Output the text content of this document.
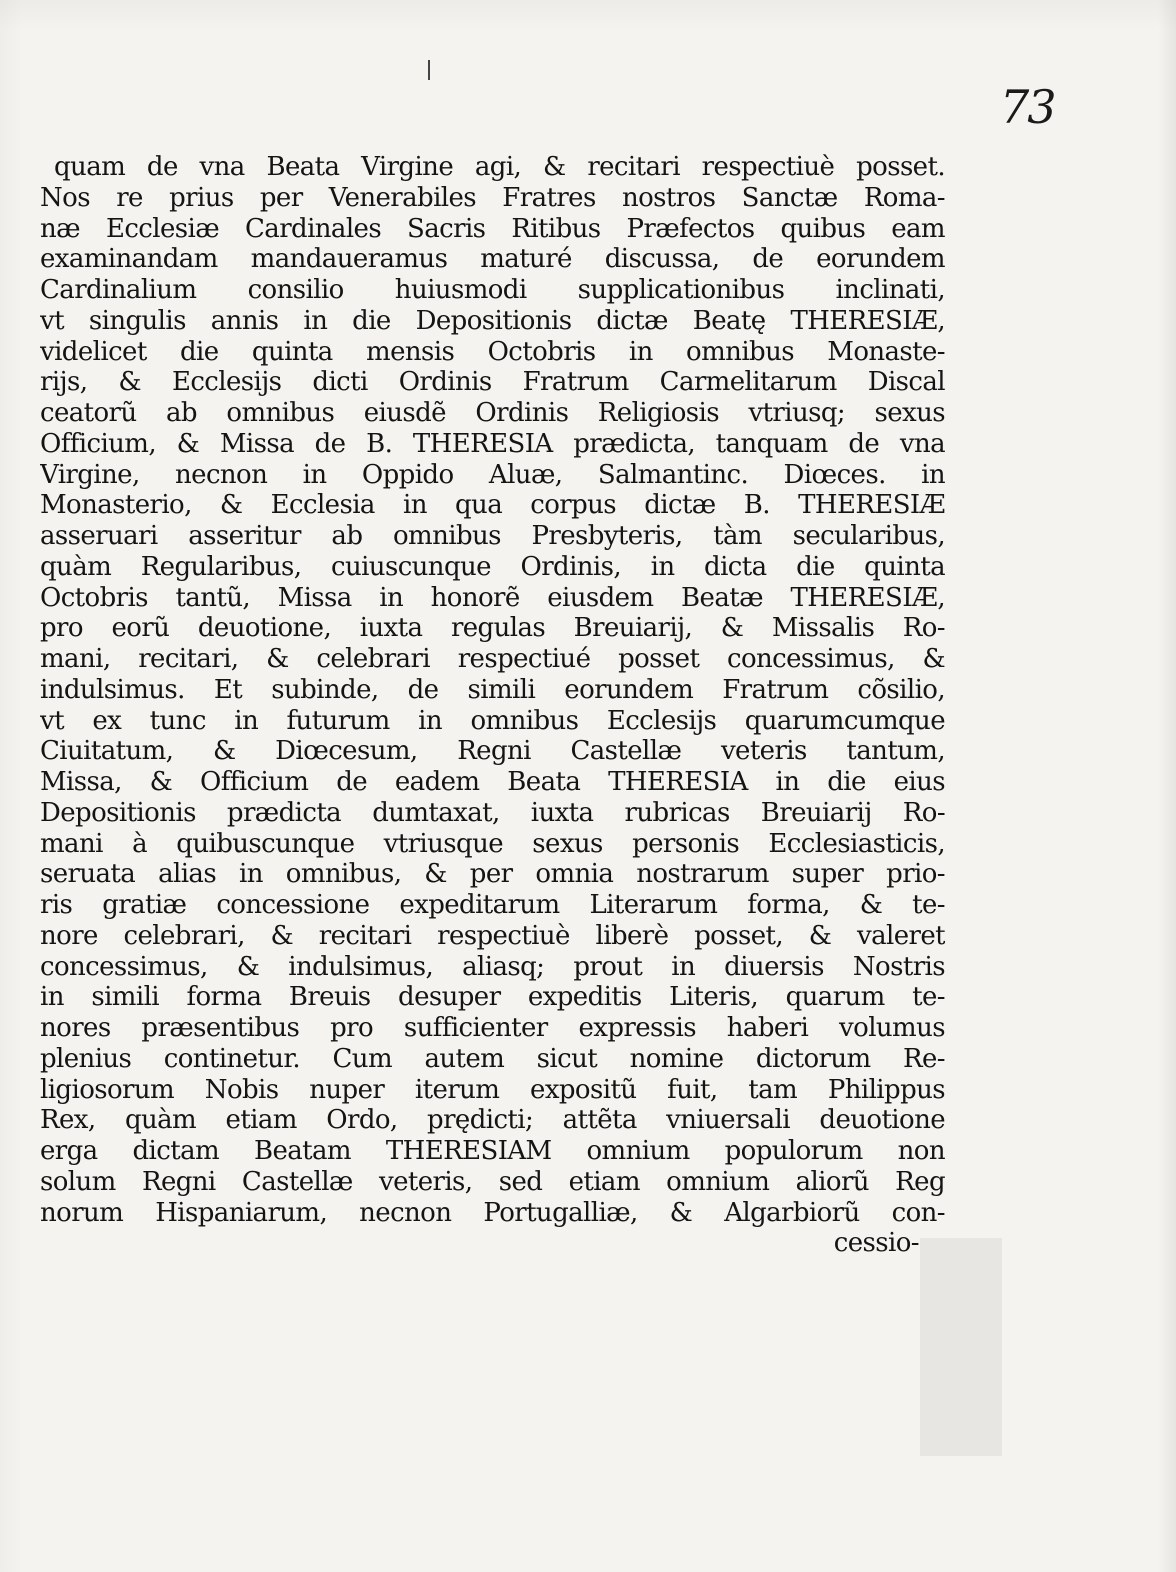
73
quam de vna Beata Virgine agi, & recitari respectiuè posset.
Nos re prius per Venerabiles Fratres nostros Sanctæ Roma-
næ Ecclesiæ Cardinales Sacris Ritibus Præfectos quibus eam
examinandam mandaueramus maturé discussa, de eorundem
Cardinalium consilio huiusmodi supplicationibus inclinati,
vt singulis annis in die Depositionis dictæ Beatę THERESIÆ,
videlicet die quinta mensis Octobris in omnibus Monaste-
rijs, & Ecclesijs dicti Ordinis Fratrum Carmelitarum Discal
ceatorũ ab omnibus eiusdẽ Ordinis Religiosis vtriusq; sexus
Officium, & Missa de B. THERESIA prædicta, tanquam de vna
Virgine, necnon in Oppido Aluæ, Salmantinc. Diœces. in
Monasterio, & Ecclesia in qua corpus dictæ B. THERESIÆ
asseruari asseritur ab omnibus Presbyteris, tàm secularibus,
quàm Regularibus, cuiuscunque Ordinis, in dicta die quinta
Octobris tantũ, Missa in honorẽ eiusdem Beatæ THERESIÆ,
pro eorũ deuotione, iuxta regulas Breuiarij, & Missalis Ro-
mani, recitari, & celebrari respectiué posset concessimus, &
indulsimus. Et subinde, de simili eorundem Fratrum cõsilio,
vt ex tunc in futurum in omnibus Ecclesijs quarumcumque
Ciuitatum, & Diœcesum, Regni Castellæ veteris tantum,
Missa, & Officium de eadem Beata THERESIA in die eius
Depositionis prædicta dumtaxat, iuxta rubricas Breuiarij Ro-
mani à quibuscunque vtriusque sexus personis Ecclesiasticis,
seruata alias in omnibus, & per omnia nostrarum super prio-
ris gratiæ concessione expeditarum Literarum forma, & te-
nore celebrari, & recitari respectiuè liberè posset, & valeret
concessimus, & indulsimus, aliasq; prout in diuersis Nostris
in simili forma Breuis desuper expeditis Literis, quarum te-
nores præsentibus pro sufficienter expressis haberi volumus
plenius continetur. Cum autem sicut nomine dictorum Re-
ligiosorum Nobis nuper iterum expositũ fuit, tam Philippus
Rex, quàm etiam Ordo, prędicti; attẽta vniuersali deuotione
erga dictam Beatam THERESIAM omnium populorum non
solum Regni Castellæ veteris, sed etiam omnium aliorũ Reg
norum Hispaniarum, necnon Portugalliæ, & Algarbiorũ con-
cessio-
